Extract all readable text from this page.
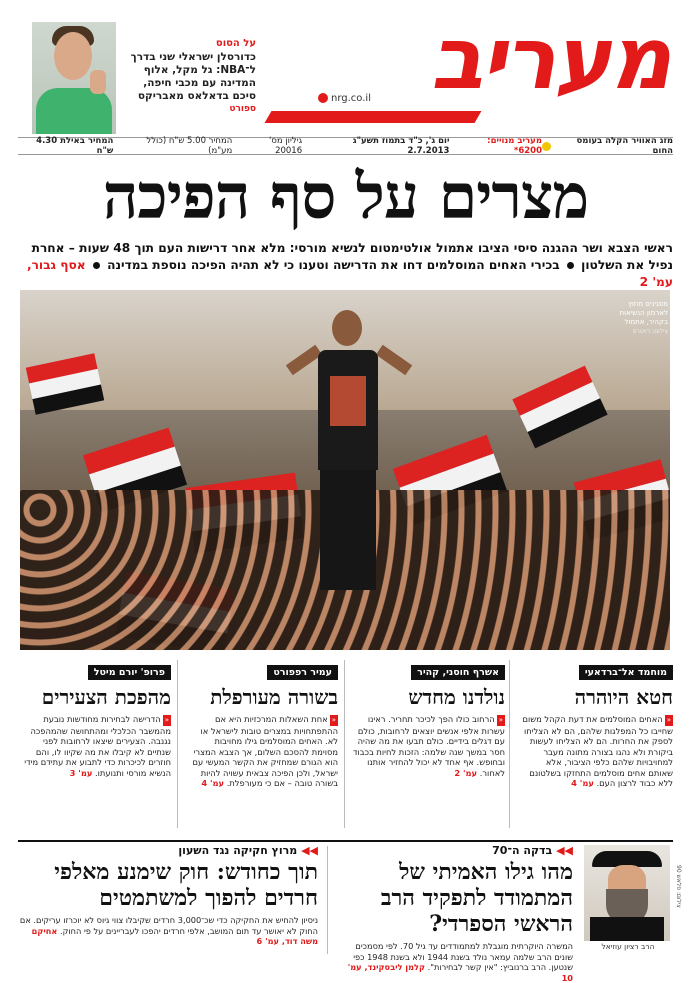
על הסוס
כדורסלן ישראלי שני בדרך ל־NBA: גל מקל, אלוף המדינה עם מכבי חיפה, סיכם בדאלאס מאבריקס
ספורט מעריב
nrg.co.il
מעריב מנויים: 6200*
יום ג', כ"ד בתמוז תשע"ג 2.7.2013
גיליון מס' 20016
המחיר 5.00 ש"ח (כולל מע"מ)
המחיר באילת 4.30 ש"ח
מזג האוויר הקלה בעומס החום
מצרים על סף הפיכה
ראשי הצבא ושר ההגנה סיסי הציבו אתמול אולטימטום לנשיא מורסי: מלא אחר דרישות העם תוך 48 שעות – אחרת נפיל את השלטון  בכירי האחים המוסלמים דחו את הדרישה וטענו כי לא תהיה הפיכה נוספת במדינה  אסף גבור, עמ' 2
מפגינים מחוץ לארמון הנשיאות בקהיר, אתמול
צילום: רויטרס
מוחמד אל־ברדאעי
חטא היוהרה
«האחים המוסלמים את דעת הקהל משום שחייבו כל המפלגות שלהם, הם לא הצליחו לספק את החרות. הם לא הצליחו לעשות ביקורת ולא נהגו בצורה מתונה מעבר למחויבויות שלהם כלפי הציבור, אלא שאותם אחים מוסלמים התחזקו בשלטונם ללא כבוד לרצון העם. עמ' 4
אשרף חוסני, קהיר
נולדנו מחדש
«הרחוב כולו הפך לכיכר תחריר. ראינו עשרות אלפי אנשים יוצאים לרחובות, כולם עם דגלים בידיים. כולם תבעו את מה שהיה חסר במשך שנה שלמה: הזכות לחיות בכבוד ובחופש. אף אחד לא יכול להחזיר אותנו לאחור. עמ' 2
עמיר רפפורט
בשורה מעורפלת
«אחת השאלות המרכזיות היא אם ההתפתחויות במצרים טובות לישראל או לא. האחים המוסלמים גילו מחויבות מסוימת להסכם השלום, אך הצבא המצרי הוא הגורם שמחזיק את הקשר המעשי עם ישראל, ולכן הפיכה צבאית עשויה להיות בשורה טובה – אם כי מעורפלת. עמ' 4
פרופ' יורם מיטל
מהפכת הצעירים
«הדרישה לבחירות מחודשות נובעת מהמשבר הכלכלי ומהתחושה שהמהפכה נגנבה. הצעירים שיצאו לרחובות לפני שנתיים לא קיבלו את מה שקיוו לו, והם חוזרים לכיכרות כדי לתבוע את עתידם מידי הנשיא מורסי ותנועתו. עמ' 3
◀◀ בדקה ה־70
מהו גילו האמיתי של המתמודד לתפקיד הרב הראשי הספרדי?
המשרה היוקרתית מוגבלת למתמודדים עד גיל 70. לפי מסמכים שונים הרב שלמה עמאר נולד בשנת 1944 ולא בשנת 1948 כפי שנטען. הרב ברנוביץ: "אין קשר לבחירות". קלמן ליבסקינד, עמ' 10
◀◀ מרוץ חקיקה נגד השעון
תוך כחודש: חוק שימנע מאלפי חרדים להפוך למשתמטים
ניסיון להחיש את החקיקה כדי שכ־3,000 חרדים שקיבלו צווי גיוס לא יוכרזו עריקים. אם החוק לא יאושר עד תום המושב, אלפי חרדים יהפכו לעבריינים על פי החוק. אחיקם משה דוד, עמ' 6
הרב רציון עוזיאל
צילום: פלאש 90
